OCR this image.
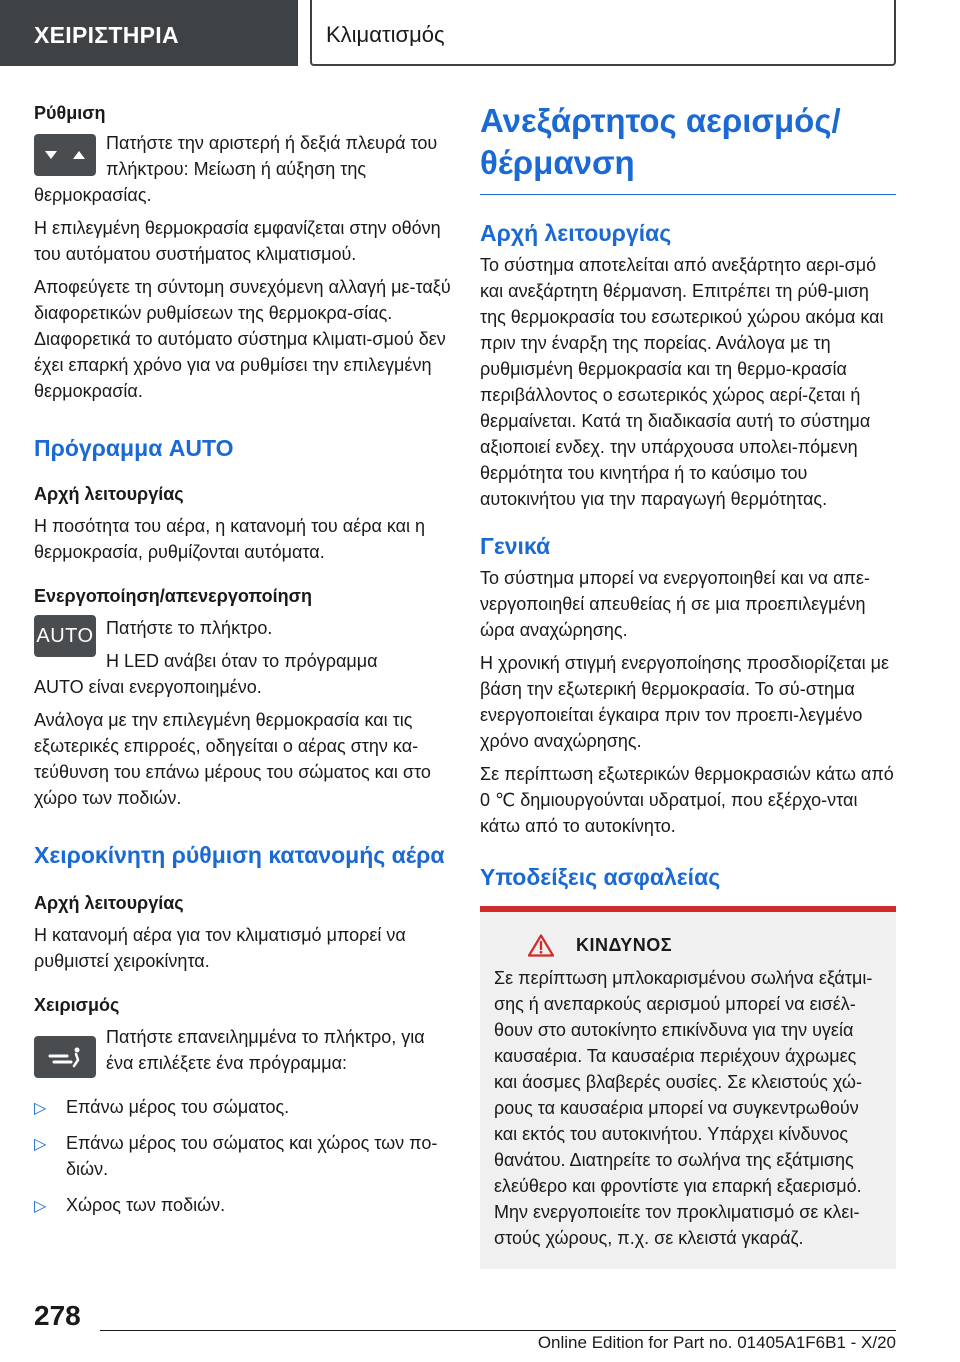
ΧΕΙΡΙΣΤΗΡΙΑ	Κλιματισμός
Ρύθμιση
Πατήστε την αριστερή ή δεξιά πλευρά του πλήκτρου: Μείωση ή αύξηση της
θερμοκρασίας.
Η επιλεγμένη θερμοκρασία εμφανίζεται στην οθόνη του αυτόματου συστήματος κλιματισμού.
Αποφεύγετε τη σύντομη συνεχόμενη αλλαγή με-ταξύ διαφορετικών ρυθμίσεων της θερμοκρα-σίας. Διαφορετικά το αυτόματο σύστημα κλιματι-σμού δεν έχει επαρκή χρόνο για να ρυθμίσει την επιλεγμένη θερμοκρασία.
Πρόγραμμα AUTO
Αρχή λειτουργίας
Η ποσότητα του αέρα, η κατανομή του αέρα και η θερμοκρασία, ρυθμίζονται αυτόματα.
Ενεργοποίηση/απενεργοποίηση
AUTO Πατήστε το πλήκτρο.
Η LED ανάβει όταν το πρόγραμμα
AUTO είναι ενεργοποιημένο.
Ανάλογα με την επιλεγμένη θερμοκρασία και τις εξωτερικές επιρροές, οδηγείται ο αέρας στην κα-τεύθυνση του επάνω μέρους του σώματος και στο χώρο των ποδιών.
Χειροκίνητη ρύθμιση κατανομής αέρα
Αρχή λειτουργίας
Η κατανομή αέρα για τον κλιματισμό μπορεί να ρυθμιστεί χειροκίνητα.
Χειρισμός
Πατήστε επανειλημμένα το πλήκτρο, για ένα επιλέξετε ένα πρόγραμμα:
▷ Επάνω μέρος του σώματος.
▷ Επάνω μέρος του σώματος και χώρος των πο-διών.
▷ Χώρος των ποδιών.
Ανεξάρτητος αερισμός/θέρμανση
Αρχή λειτουργίας
Το σύστημα αποτελείται από ανεξάρτητο αερι-σμό και ανεξάρτητη θέρμανση. Επιτρέπει τη ρύθ-μιση της θερμοκρασία του εσωτερικού χώρου ακόμα και πριν την έναρξη της πορείας. Ανάλογα με τη ρυθμισμένη θερμοκρασία και τη θερμο-κρασία περιβάλλοντος ο εσωτερικός χώρος αερί-ζεται ή θερμαίνεται. Κατά τη διαδικασία αυτή το σύστημα αξιοποιεί ενδεχ. την υπάρχουσα υπολει-πόμενη θερμότητα του κινητήρα ή το καύσιμο του αυτοκινήτου για την παραγωγή θερμότητας.
Γενικά
Το σύστημα μπορεί να ενεργοποιηθεί και να απε-νεργοποιηθεί απευθείας ή σε μια προεπιλεγμένη ώρα αναχώρησης.
Η χρονική στιγμή ενεργοποίησης προσδιορίζεται με βάση την εξωτερική θερμοκρασία. Το σύ-στημα ενεργοποιείται έγκαιρα πριν τον προεπι-λεγμένο χρόνο αναχώρησης.
Σε περίπτωση εξωτερικών θερμοκρασιών κάτω από 0 ℃ δημιουργούνται υδρατμοί, που εξέρχο-νται κάτω από το αυτοκίνητο.
Υποδείξεις ασφαλείας
ΚΙΝΔΥΝΟΣ
Σε περίπτωση μπλοκαρισμένου σωλήνα εξάτμι-σης ή ανεπαρκούς αερισμού μπορεί να εισέλ-θουν στο αυτοκίνητο επικίνδυνα για την υγεία καυσαέρια. Τα καυσαέρια περιέχουν άχρωμες και άοσμες βλαβερές ουσίες. Σε κλειστούς χώ-ρους τα καυσαέρια μπορεί να συγκεντρωθούν και εκτός του αυτοκινήτου. Υπάρχει κίνδυνος θανάτου. Διατηρείτε το σωλήνα της εξάτμισης ελεύθερο και φροντίστε για επαρκή εξαερισμό. Μην ενεργοποιείτε τον προκλιματισμό σε κλει-στούς χώρους, π.χ. σε κλειστά γκαράζ.
278
Online Edition for Part no. 01405A1F6B1 - X/20
